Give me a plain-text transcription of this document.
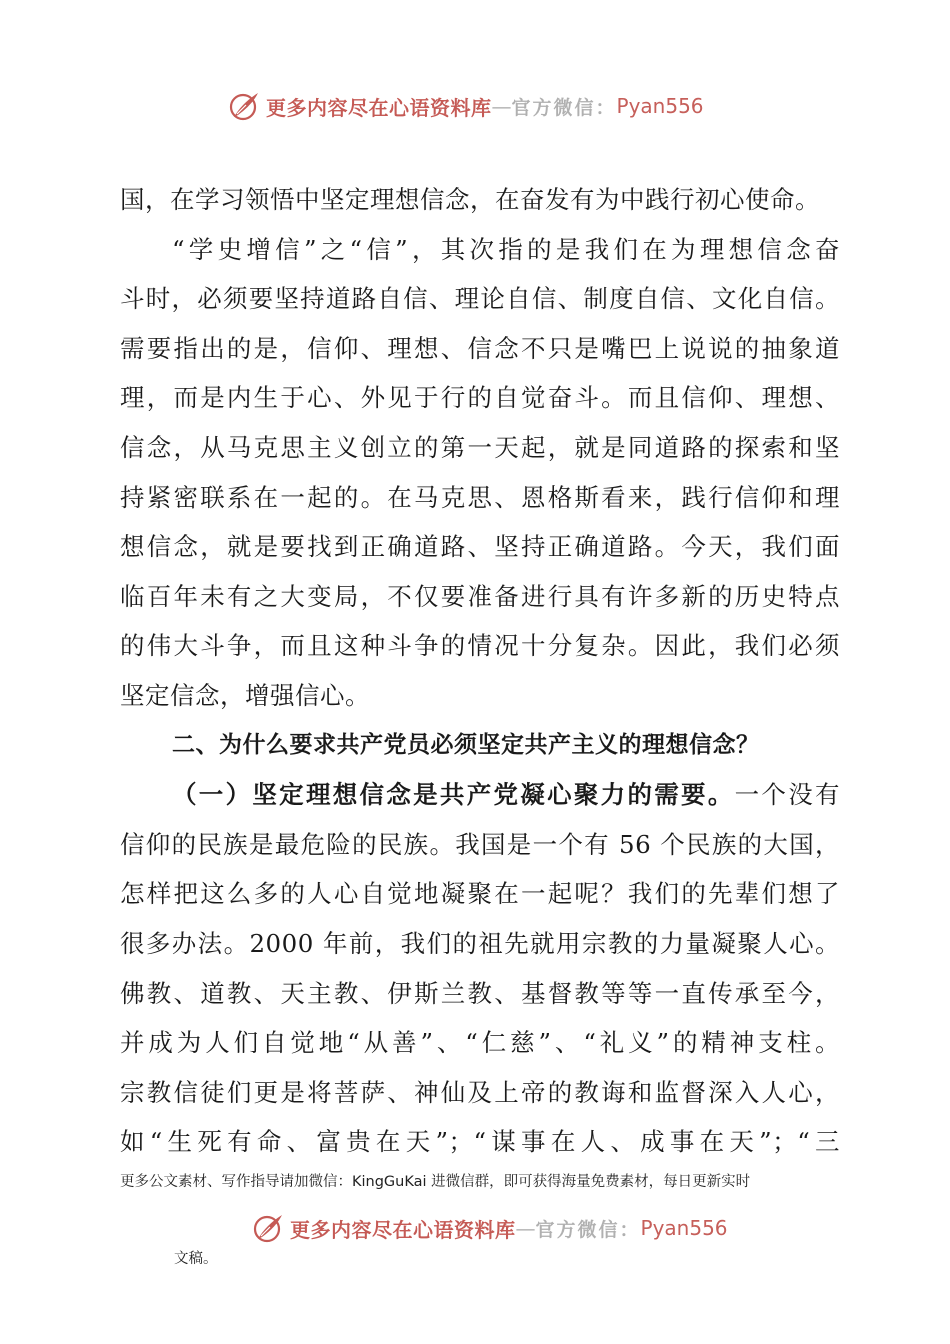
更多内容尽在心语资料库 — 官方微信： Pyan556
国，在学习领悟中坚定理想信念，在奋发有为中践行初心使命。
“学史增信”之“信”，其次指的是我们在为理想信念奋
斗时，必须要坚持道路自信、理论自信、制度自信、文化自信。
需要指出的是，信仰、理想、信念不只是嘴巴上说说的抽象道
理，而是内生于心、外见于行的自觉奋斗。而且信仰、理想、
信念，从马克思主义创立的第一天起，就是同道路的探索和坚
持紧密联系在一起的。在马克思、恩格斯看来，践行信仰和理
想信念，就是要找到正确道路、坚持正确道路。今天，我们面
临百年未有之大变局，不仅要准备进行具有许多新的历史特点
的伟大斗争，而且这种斗争的情况十分复杂。因此，我们必须
坚定信念，增强信心。
二、为什么要求共产党员必须坚定共产主义的理想信念？
（一）坚定理想信念是共产党凝心聚力的需要。一个没有
信仰的民族是最危险的民族。我国是一个有 56 个民族的大国，
怎样把这么多的人心自觉地凝聚在一起呢？我们的先辈们想了
很多办法。2000 年前，我们的祖先就用宗教的力量凝聚人心。
佛教、道教、天主教、伊斯兰教、基督教等等一直传承至今，
并成为人们自觉地“从善”、“仁慈”、“礼义”的精神支柱。
宗教信徒们更是将菩萨、神仙及上帝的教诲和监督深入人心，
如“生死有命、富贵在天”；“谋事在人、成事在天”；“三
更多公文素材、写作指导请加微信：KingGuKai 进微信群，即可获得海量免费素材，每日更新实时
更多内容尽在心语资料库 — 官方微信： Pyan556
文稿。
